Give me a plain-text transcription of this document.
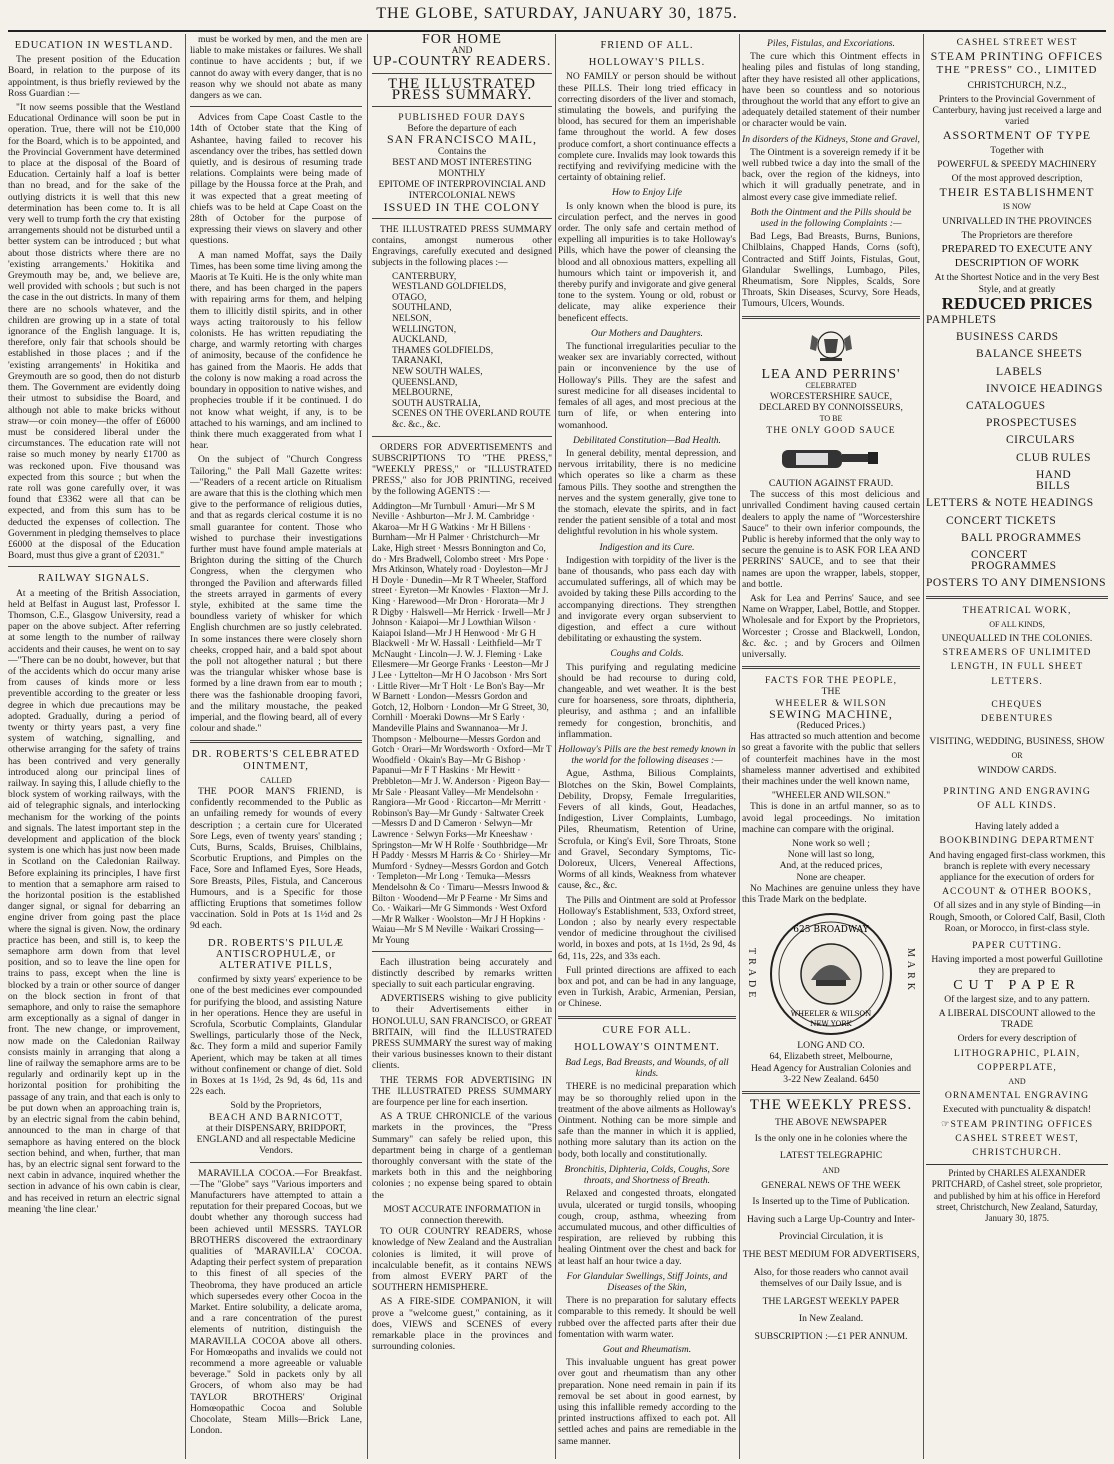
THE GLOBE, SATURDAY, JANUARY 30, 1875.
EDUCATION IN WESTLAND.

The present position of the Education Board, in relation to the purpose of its appointment, is thus briefly reviewed by the Ross Guardian :—

"It now seems possible that the Westland Educational Ordinance will soon be put in operation. True, there will not be £10,000 for the Board, which is to be appointed, and the Provincial Government have determined to place at the disposal of the Board of Education. Certainly half a loaf is better than no bread, and for the sake of the outlying districts it is well that this new determination has been come to. It is all very well to trump forth the cry that existing arrangements should not be disturbed until a better system can be introduced ; but what about those districts where there are no 'existing arrangements.' Hokitika and Greymouth may be, and, we believe are, well provided with schools ; but such is not the case in the out districts. In many of them there are no schools whatever, and the children are growing up in a state of total ignorance of the English language. It is, therefore, only fair that schools should be established in those places ; and if the 'existing arrangements' in Hokitika and Greymouth are so good, then do not disturb them. The Government are evidently doing their utmost to subsidise the Board, and although not able to make bricks without straw—or coin money—the offer of £6000 must be considered liberal under the circumstances. The education rate will not raise so much money by nearly £1700 as was reckoned upon. Five thousand was expected from this source ; but when the rate roll was gone carefully over, it was found that £3362 were all that can be expected, and from this sum has to be deducted the expenses of collection. The Government in pledging themselves to place £6000 at the disposal of the Education Board, must thus give a grant of £2031."

RAILWAY SIGNALS.

At a meeting of the British Association, held at Belfast in August last, Professor I. Thomson, C.E., Glasgow University, read a paper on the above subject. After referring at some length to the number of railway accidents and their causes, he went on to say—"There can be no doubt, however, but that of the accidents which do occur many arise from causes of kinds more or less preventible according to the greater or less degree in which due precautions may be adopted. Gradually, during a period of twenty or thirty years past, a very fine system of watching, signalling, and otherwise arranging for the safety of trains has been contrived and very generally introduced along our principal lines of railway. In saying this, I allude chiefly to the block system of working railways, with the aid of telegraphic signals, and interlocking mechanism for the working of the points and signals. The latest important step in the development and application of the block system is one which has just now been made in Scotland on the Caledonian Railway. Before explaining its principles, I have first to mention that a semaphore arm raised to the horizontal position is the established danger signal, or signal for debarring an engine driver from going past the place where the signal is given. Now, the ordinary practice has been, and still is, to keep the semaphore arm down from that level position, and so to leave the line open for trains to pass, except when the line is blocked by a train or other source of danger on the block section in front of that semaphore, and only to raise the semaphore arm exceptionally as a signal of danger in front. The new change, or improvement, now made on the Caledonian Railway consists mainly in arranging that along a line of railway the semaphore arms are to be regularly and ordinarily kept up in the horizontal position for prohibiting the passage of any train, and that each is only to be put down when an approaching train is, by an electric signal from the cabin behind, announced to the man in charge of that semaphore as having entered on the block section behind, and when, further, that man has, by an electric signal sent forward to the next cabin in advance, inquired whether the section in advance of his own cabin is clear, and has received in return an electric signal meaning 'the line clear.'

must be worked by men, and the men are liable to make mistakes or failures. We shall continue to have accidents ; but, if we cannot do away with every danger, that is no reason why we should not abate as many dangers as we can.

Advices from Cape Coast Castle to the 14th of October state that the King of Ashantee, having failed to recover his ascendancy over the tribes, has settled down quietly, and is desirous of resuming trade relations. Complaints were being made of pillage by the Houssa force at the Prah, and it was expected that a great meeting of chiefs was to be held at Cape Coast on the 28th of October for the purpose of expressing their views on slavery and other questions.

A man named Moffat, says the Daily Times, has been some time living among the Maoris at Te Kuiti. He is the only white man there, and has been charged in the papers with repairing arms for them, and helping them to illicitly distil spirits, and in other ways acting traitorously to his fellow colonists. He has written repudiating the charge, and warmly retorting with charges of animosity, because of the confidence he has gained from the Maoris. He adds that the colony is now making a road across the boundary in opposition to native wishes, and prophecies trouble if it be continued. I do not know what weight, if any, is to be attached to his warnings, and am inclined to think there much exaggerated from what I hear.

On the subject of "Church Congress Tailoring," the Pall Mall Gazette writes:—"Readers of a recent article on Ritualism are aware that this is the clothing which men give to the performance of religious duties, and that as regards clerical costume it is no small guarantee for content. Those who wished to purchase their investigations further must have found ample materials at Brighton during the sitting of the Church Congress, when the clergymen who thronged the Pavilion and afterwards filled the streets arrayed in garments of every style, exhibited at the same time the boundless variety of whisker for which English churchmen are so justly celebrated. In some instances there were closely shorn cheeks, cropped hair, and a bald spot about the poll not altogether natural ; but there was the triangular whisker whose base is formed by a line drawn from ear to mouth ; there was the fashionable drooping favori, and the military moustache, the peaked imperial, and the flowing beard, all of every colour and shade."

DR. ROBERTS'S CELEBRATED OINTMENT,
CALLED

THE POOR MAN'S FRIEND, is confidently recommended to the Public as an unfailing remedy for wounds of every description ; a certain cure for Ulcerated Sore Legs, even of twenty years' standing ; Cuts, Burns, Scalds, Bruises, Chilblains, Scorbutic Eruptions, and Pimples on the Face, Sore and Inflamed Eyes, Sore Heads, Sore Breasts, Piles, Fistula, and Cancerous Humours, and is a Specific for those afflicting Eruptions that sometimes follow vaccination. Sold in Pots at 1s 1½d and 2s 9d each.

DR. ROBERTS'S PILULÆ ANTISCROPHULÆ, or ALTERATIVE PILLS,

confirmed by sixty years' experience to be one of the best medicines ever compounded for purifying the blood, and assisting Nature in her operations. Hence they are useful in Scrofula, Scorbutic Complaints, Glandular Swellings, particularly those of the Neck, &c. They form a mild and superior Family Aperient, which may be taken at all times without confinement or change of diet. Sold in Boxes at 1s 1½d, 2s 9d, 4s 6d, 11s and 22s each.

Sold by the Proprietors,
BEACH AND BARNICOTT,
at their DISPENSARY, BRIDPORT, ENGLAND and all respectable Medicine Vendors.

MARAVILLA COCOA.—For Breakfast.—The "Globe" says "Various importers and Manufacturers have attempted to attain a reputation for their prepared Cocoas, but we doubt whether any thorough success had been achieved until MESSRS. TAYLOR BROTHERS discovered the extraordinary qualities of 'MARAVILLA' COCOA. Adapting their perfect system of preparation to this finest of all species of the Theobroma, they have produced an article which supersedes every other Cocoa in the Market. Entire solubility, a delicate aroma, and a rare concentration of the purest elements of nutrition, distinguish the MARAVILLA COCOA above all others. For Homœopaths and invalids we could not recommend a more agreeable or valuable beverage." Sold in packets only by all Grocers, of whom also may be had TAYLOR BROTHERS' Original Homœopathic Cocoa and Soluble Chocolate, Steam Mills—Brick Lane, London.

FOR HOME
AND
UP-COUNTRY READERS.
THE ILLUSTRATED
PRESS SUMMARY.
PUBLISHED FOUR DAYS
Before the departure of each
SAN FRANCISCO MAIL,
Contains the
BEST AND MOST INTERESTING
MONTHLY
EPITOME OF INTERPROVINCIAL AND
INTERCOLONIAL NEWS
ISSUED IN THE COLONY

THE ILLUSTRATED PRESS SUMMARY contains, amongst numerous other Engravings, carefully executed and designed subjects in the following places :—

CANTERBURY,
WESTLAND GOLDFIELDS,
OTAGO,
SOUTHLAND,
NELSON,
WELLINGTON,
AUCKLAND,
THAMES GOLDFIELDS,
TARANAKI,
NEW SOUTH WALES,
QUEENSLAND,
MELBOURNE,
SOUTH AUSTRALIA,
SCENES ON THE OVERLAND ROUTE &c. &c., &c.

ORDERS FOR ADVERTISEMENTS and SUBSCRIPTIONS TO "THE PRESS," "WEEKLY PRESS," or "ILLUSTRATED PRESS," also for JOB PRINTING, received by the following AGENTS :—

Addington—Mr Turnbull · Amuri—Mr S M Neville · Ashburton—Mr J. M. Cambridge · Akaroa—Mr H G Watkins · Mr H Billens · Burnham—Mr H Palmer · Christchurch—Mr Lake, High street · Messrs Bonnington and Co, do · Mrs Bradwell, Colombo street · Mrs Pope · Mrs Atkinson, Whately road · Doyleston—Mr J H Doyle · Dunedin—Mr R T Wheeler, Stafford street · Eyreton—Mr Knowles · Flaxton—Mr J. King · Harewood—Mr Dron · Hororata—Mr J R Digby · Halswell—Mr Herrick · Irwell—Mr J Johnson · Kaiapoi—Mr J Lowthian Wilson · Kaiapoi Island—Mr J H Henwood · Mr G H Blackwell · Mr W. Hassall · Leithfield—Mr T McNaught · Lincoln—J. W. J. Fleming · Lake Ellesmere—Mr George Franks · Leeston—Mr J J Lee · Lyttelton—Mr H O Jacobson · Mrs Sort · Little River—Mr T Holt · Le Bon's Bay—Mr W Barnett · London—Messrs Gordon and Gotch, 12, Holborn · London—Mr G Street, 30, Cornhill · Moeraki Downs—Mr S Early · Mandeville Plains and Swannanoa—Mr J. Thompson · Melbourne—Messrs Gordon and Gotch · Orari—Mr Wordsworth · Oxford—Mr T Woodfield · Okain's Bay—Mr G Bishop · Papanui—Mr F T Haskins · Mr Hewitt · Prebbleton—Mr J. W. Anderson · Pigeon Bay—Mr Sale · Pleasant Valley—Mr Mendelsohn · Rangiora—Mr Good · Riccarton—Mr Merritt · Robinson's Bay—Mr Gundy · Saltwater Creek—Messrs D and D Cameron · Selwyn—Mr Lawrence · Selwyn Forks—Mr Kneeshaw · Springston—Mr W H Rolfe · Southbridge—Mr H Paddy · Messrs M Harris & Co · Shirley—Mr Mumford · Sydney—Messrs Gordon and Gotch · Templeton—Mr Long · Temuka—Messrs Mendelsohn & Co · Timaru—Messrs Inwood & Bilton · Woodend—Mr P Fearne · Mr Sims and Co. · Waikari—Mr G Simmonds · West Oxford—Mr R Walker · Woolston—Mr J H Hopkins · Waiau—Mr S M Neville · Waikari Crossing—Mr Young

Each illustration being accurately and distinctly described by remarks written specially to suit each particular engraving.

ADVERTISERS wishing to give publicity to their Advertisements either in HONOLULU, SAN FRANCISCO, or GREAT BRITAIN, will find the ILLUSTRATED PRESS SUMMARY the surest way of making their various businesses known to their distant clients.

THE TERMS FOR ADVERTISING IN THE ILLUSTRATED PRESS SUMMARY are fourpence per line for each insertion.

AS A TRUE CHRONICLE of the various markets in the provinces, the "Press Summary" can safely be relied upon, this department being in charge of a gentleman thoroughly conversant with the state of the markets both in this and the neighboring colonies ; no expense being spared to obtain the

MOST ACCURATE INFORMATION in connection therewith.

TO OUR COUNTRY READERS, whose knowledge of New Zealand and the Australian colonies is limited, it will prove of incalculable benefit, as it contains NEWS from almost EVERY PART of the SOUTHERN HEMISPHERE.

AS A FIRE-SIDE COMPANION, it will prove a "welcome guest," containing, as it does, VIEWS and SCENES of every remarkable place in the provinces and surrounding colonies.

FRIEND OF ALL.
HOLLOWAY'S PILLS.

NO FAMILY or person should be without these PILLS. Their long tried efficacy in correcting disorders of the liver and stomach, stimulating the bowels, and purifying the blood, has secured for them an imperishable fame throughout the world. A few doses produce comfort, a short continuance effects a complete cure. Invalids may look towards this rectifying and revivifying medicine with the certainty of obtaining relief.

How to Enjoy Life

Is only known when the blood is pure, its circulation perfect, and the nerves in good order. The only safe and certain method of expelling all impurities is to take Holloway's Pills, which have the power of cleansing the blood and all obnoxious matters, expelling all humours which taint or impoverish it, and thereby purify and invigorate and give general tone to the system. Young or old, robust or delicate, may alike experience their beneficent effects.

Our Mothers and Daughters.

The functional irregularities peculiar to the weaker sex are invariably corrected, without pain or inconvenience by the use of Holloway's Pills. They are the safest and surest medicine for all diseases incidental to females of all ages, and most precious at the turn of life, or when entering into womanhood.

Debilitated Constitution—Bad Health.

In general debility, mental depression, and nervous irritability, there is no medicine which operates so like a charm as these famous Pills. They soothe and strengthen the nerves and the system generally, give tone to the stomach, elevate the spirits, and in fact render the patient sensible of a total and most delightful revolution in his whole system.

Indigestion and its Cure.

Indigestion with torpidity of the liver is the bane of thousands, who pass each day with accumulated sufferings, all of which may be avoided by taking these Pills according to the accompanying directions. They strengthen and invigorate every organ subservient to digestion, and effect a cure without debilitating or exhausting the system.

Coughs and Colds.

This purifying and regulating medicine should be had recourse to during cold, changeable, and wet weather. It is the best cure for hoarseness, sore throats, diphtheria, pleurisy, and asthma ; and an infallible remedy for congestion, bronchitis, and inflammation.

Holloway's Pills are the best remedy known in the world for the following diseases :—

Ague, Asthma, Bilious Complaints, Blotches on the Skin, Bowel Complaints, Debility, Dropsy, Female Irregularities, Fevers of all kinds, Gout, Headaches, Indigestion, Liver Complaints, Lumbago, Piles, Rheumatism, Retention of Urine, Scrofula, or King's Evil, Sore Throats, Stone and Gravel, Secondary Symptoms, Tic-Doloreux, Ulcers, Venereal Affections, Worms of all kinds, Weakness from whatever cause, &c., &c.

The Pills and Ointment are sold at Professor Holloway's Establishment, 533, Oxford street, London ; also by nearly every respectable vendor of medicine throughout the civilised world, in boxes and pots, at 1s 1½d, 2s 9d, 4s 6d, 11s, 22s, and 33s each.

Full printed directions are affixed to each box and pot, and can be had in any language, even in Turkish, Arabic, Armenian, Persian, or Chinese.

CURE FOR ALL.
HOLLOWAY'S OINTMENT.
Bad Legs, Bad Breasts, and Wounds, of all kinds.

THERE is no medicinal preparation which may be so thoroughly relied upon in the treatment of the above ailments as Holloway's Ointment. Nothing can be more simple and safe than the manner in which it is applied, nothing more salutary than its action on the body, both locally and constitutionally.

Bronchitis, Diphteria, Colds, Coughs, Sore throats, and Shortness of Breath.

Relaxed and congested throats, elongated uvula, ulcerated or turgid tonsils, whooping cough, croup, asthma, wheezing from accumulated mucous, and other difficulties of respiration, are relieved by rubbing this healing Ointment over the chest and back for at least half an hour twice a day.

For Glandular Swellings, Stiff Joints, and Diseases of the Skin,

There is no preparation for salutary effects comparable to this remedy. It should be well rubbed over the affected parts after their due fomentation with warm water.

Gout and Rheumatism.

This invaluable unguent has great power over gout and rheumatism than any other preparation. None need remain in pain if its removal be set about in good earnest, by using this infallible remedy according to the printed instructions affixed to each pot. All settled aches and pains are remediable in the same manner.

Piles, Fistulas, and Excoriations.

The cure which this Ointment effects in healing piles and fistulas of long standing, after they have resisted all other applications, have been so countless and so notorious throughout the world that any effort to give an adequately detailed statement of their number or character would be vain.

In disorders of the Kidneys, Stone and Gravel,

The Ointment is a sovereign remedy if it be well rubbed twice a day into the small of the back, over the region of the kidneys, into which it will gradually penetrate, and in almost every case give immediate relief.

Both the Ointment and the Pills should be used in the following Complaints :—

Bad Legs, Bad Breasts, Burns, Bunions, Chilblains, Chapped Hands, Corns (soft), Contracted and Stiff Joints, Fistulas, Gout, Glandular Swellings, Lumbago, Piles, Rheumatism, Sore Nipples, Scalds, Sore Throats, Skin Diseases, Scurvy, Sore Heads, Tumours, Ulcers, Wounds.

LEA AND PERRINS'
CELEBRATED
WORCESTERSHIRE SAUCE,
DECLARED BY CONNOISSEURS,
TO BE
THE ONLY GOOD SAUCE
CAUTION AGAINST FRAUD.

The success of this most delicious and unrivalled Condiment having caused certain dealers to apply the name of "Worcestershire Sauce" to their own inferior compounds, the Public is hereby informed that the only way to secure the genuine is to ASK FOR LEA AND PERRINS' SAUCE, and to see that their names are upon the wrapper, labels, stopper, and bottle.

Ask for Lea and Perrins' Sauce, and see Name on Wrapper, Label, Bottle, and Stopper. Wholesale and for Export by the Proprietors, Worcester ; Crosse and Blackwell, London, &c. &c. ; and by Grocers and Oilmen universally.

FACTS FOR THE PEOPLE,
THE
WHEELER & WILSON
SEWING MACHINE,
(Reduced Prices.)

Has attracted so much attention and become so great a favorite with the public that sellers of counterfeit machines have in the most shameless manner advertised and exhibited their machines under the well known name,

"WHEELER AND WILSON."

This is done in an artful manner, so as to avoid legal proceedings. No imitation machine can compare with the original.

None work so well ;
None will last so long,
And, at the reduced prices,
None are cheaper.

No Machines are genuine unless they have this Trade Mark on the bedplate.

TRADE	MARK
625 BROADWAY
WHEELER & WILSON
NEW YORK
LONG AND CO.
64, Elizabeth street, Melbourne,
Head Agency for Australian Colonies and
3-22 New Zealand. 6450
THE WEEKLY PRESS.
THE ABOVE NEWSPAPER
Is the only one in he colonies where the
LATEST TELEGRAPHIC
AND
GENERAL NEWS OF THE WEEK
Is Inserted up to the Time of Publication.
Having such a Large Up-Country and Inter-
Provincial Circulation, it is
THE BEST MEDIUM FOR ADVERTISERS,
Also, for those readers who cannot avail themselves of our Daily Issue, and is
THE LARGEST WEEKLY PAPER
In New Zealand.
SUBSCRIPTION :—£1 PER ANNUM.
CASHEL STREET WEST
STEAM PRINTING OFFICES
THE "PRESS" CO., LIMITED
CHRISTCHURCH, N.Z.,
Printers to the Provincial Government of Canterbury, having just received a large and varied
ASSORTMENT OF TYPE
Together with
POWERFUL & SPEEDY MACHINERY
Of the most approved description,
THEIR ESTABLISHMENT
IS NOW
UNRIVALLED IN THE PROVINCES
The Proprietors are therefore
PREPARED TO EXECUTE ANY
DESCRIPTION OF WORK
At the Shortest Notice and in the very Best Style, and at greatly
REDUCED PRICES
PAMPHLETS
BUSINESS CARDS
BALANCE SHEETS
LABELS
INVOICE HEADINGS
CATALOGUES
PROSPECTUSES
CIRCULARS
CLUB RULES
HAND BILLS
LETTERS & NOTE HEADINGS
CONCERT TICKETS
BALL PROGRAMMES
CONCERT PROGRAMMES
POSTERS TO ANY DIMENSIONS
THEATRICAL WORK,
OF ALL KINDS,
UNEQUALLED IN THE COLONIES.
STREAMERS OF UNLIMITED
LENGTH, IN FULL SHEET
LETTERS.
CHEQUES
DEBENTURES
VISITING, WEDDING, BUSINESS, SHOW
OR
WINDOW CARDS.
PRINTING AND ENGRAVING
OF ALL KINDS.
Having lately added a
BOOKBINDING DEPARTMENT
And having engaged first-class workmen, this branch is replete with every necessary appliance for the execution of orders for
ACCOUNT & OTHER BOOKS,
Of all sizes and in any style of Binding—in Rough, Smooth, or Colored Calf, Basil, Cloth Roan, or Morocco, in first-class style.
PAPER CUTTING.
Having imported a most powerful Guillotine they are prepared to
CUT PAPER
Of the largest size, and to any pattern.
A LIBERAL DISCOUNT allowed to the TRADE
Orders for every description of
LITHOGRAPHIC, PLAIN,
COPPERPLATE,
AND
ORNAMENTAL ENGRAVING
Executed with punctuality & dispatch!
☞STEAM PRINTING OFFICES
CASHEL STREET WEST,
CHRISTCHURCH.
Printed by CHARLES ALEXANDER PRITCHARD, of Cashel street, sole proprietor, and published by him at his office in Hereford street, Christchurch, New Zealand, Saturday, January 30, 1875.
